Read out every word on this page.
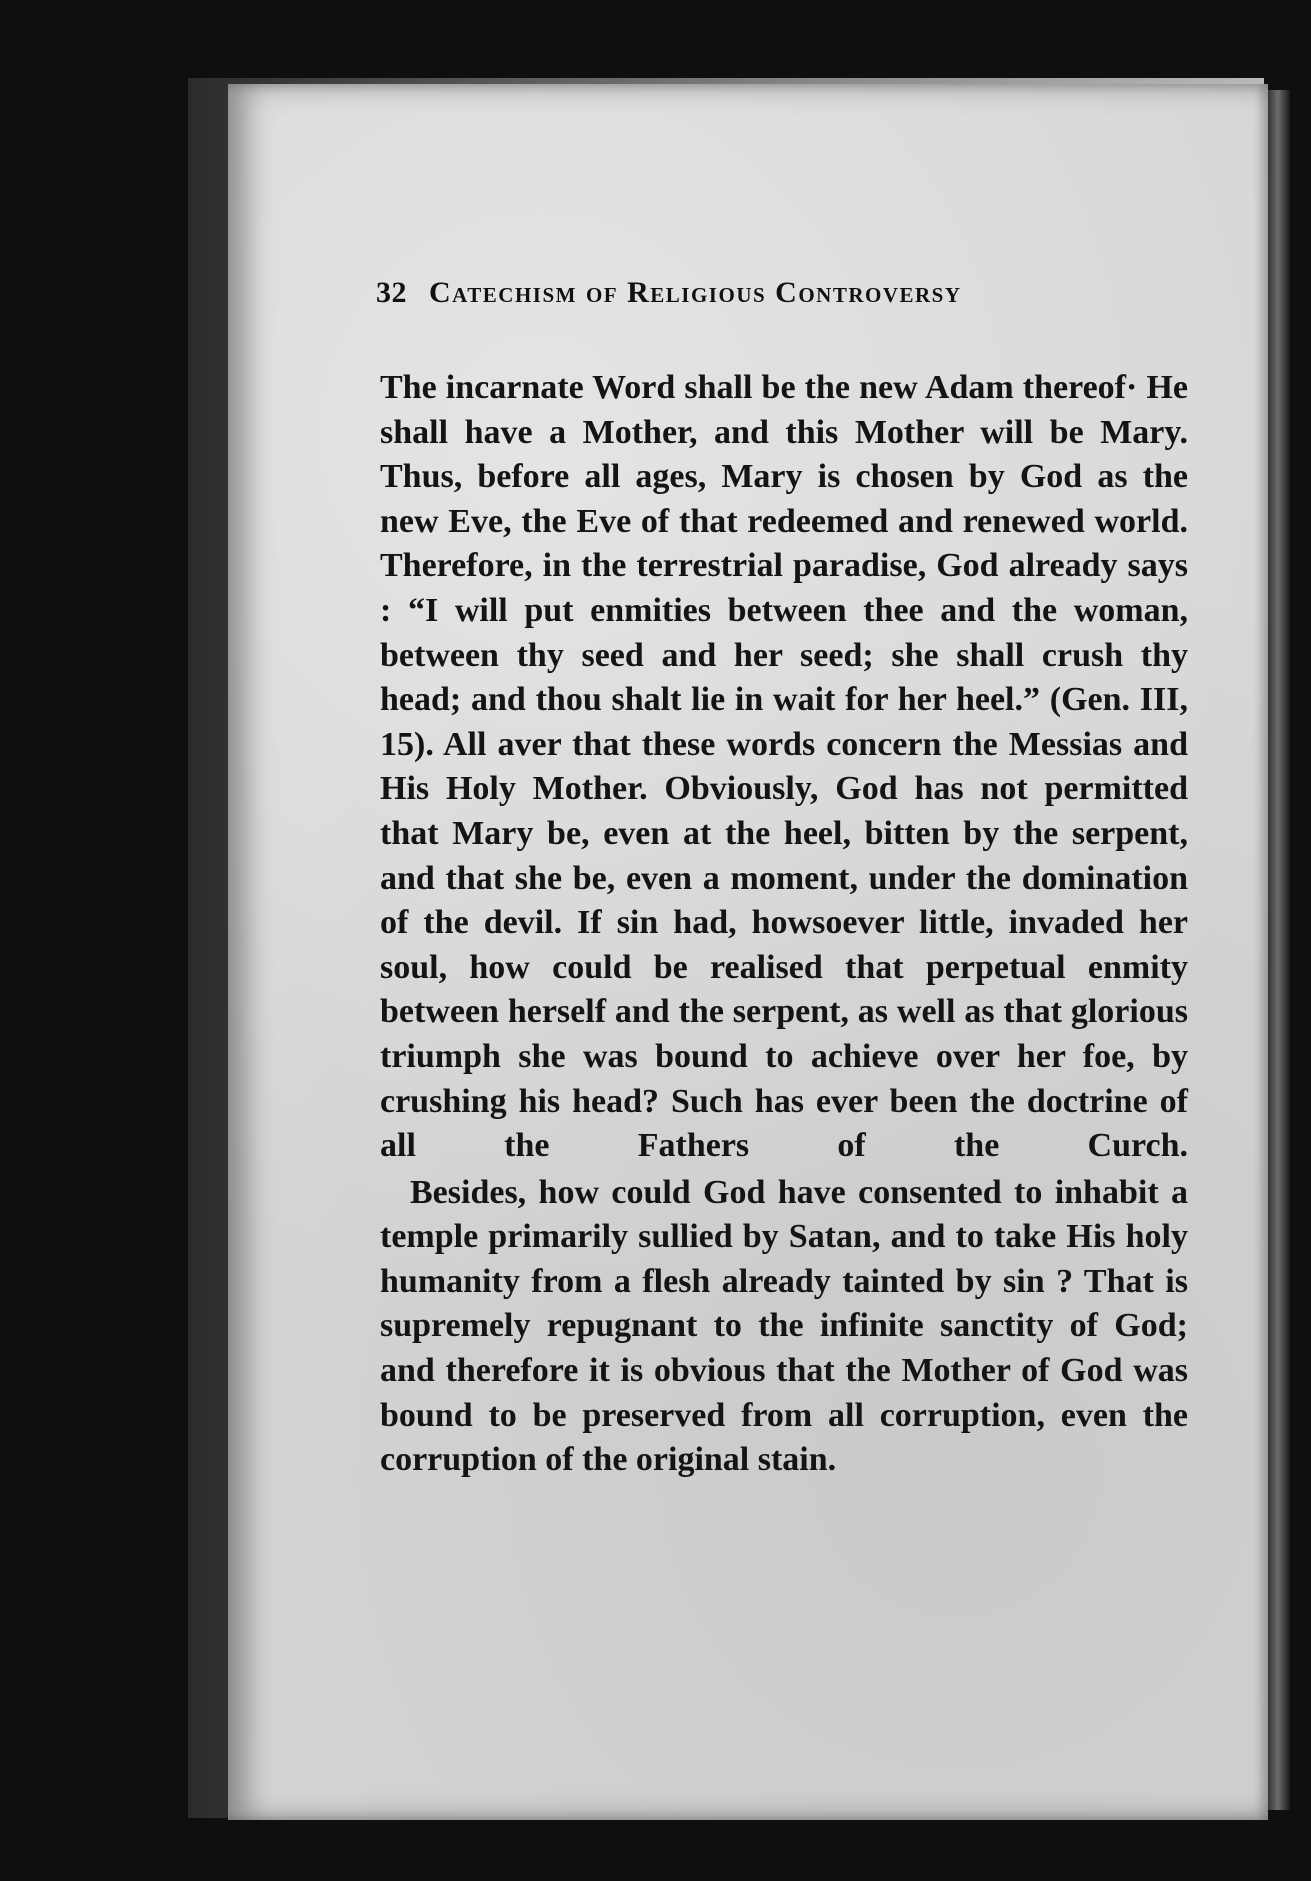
32 Catechism of Religious Controversy

The incarnate Word shall be the new Adam thereof· He shall have a Mother, and this Mother will be Mary. Thus, before all ages, Mary is chosen by God as the new Eve, the Eve of that redeemed and renewed world. Therefore, in the terrestrial paradise, God already says : “I will put enmities between thee and the woman, between thy seed and her seed; she shall crush thy head; and thou shalt lie in wait for her heel.” (Gen. III, 15). All aver that these words concern the Messias and His Holy Mother. Obviously, God has not permitted that Mary be, even at the heel, bitten by the serpent, and that she be, even a moment, under the domination of the devil. If sin had, howsoever little, invaded her soul, how could be realised that perpetual enmity between herself and the serpent, as well as that glorious triumph she was bound to achieve over her foe, by crushing his head? Such has ever been the doctrine of all the Fathers of the Curch.

Besides, how could God have consented to inhabit a temple primarily sullied by Satan, and to take His holy humanity from a flesh already tainted by sin ? That is supremely repugnant to the infinite sanctity of God; and therefore it is obvious that the Mother of God was bound to be preserved from all corruption, even the corruption of the original stain.
